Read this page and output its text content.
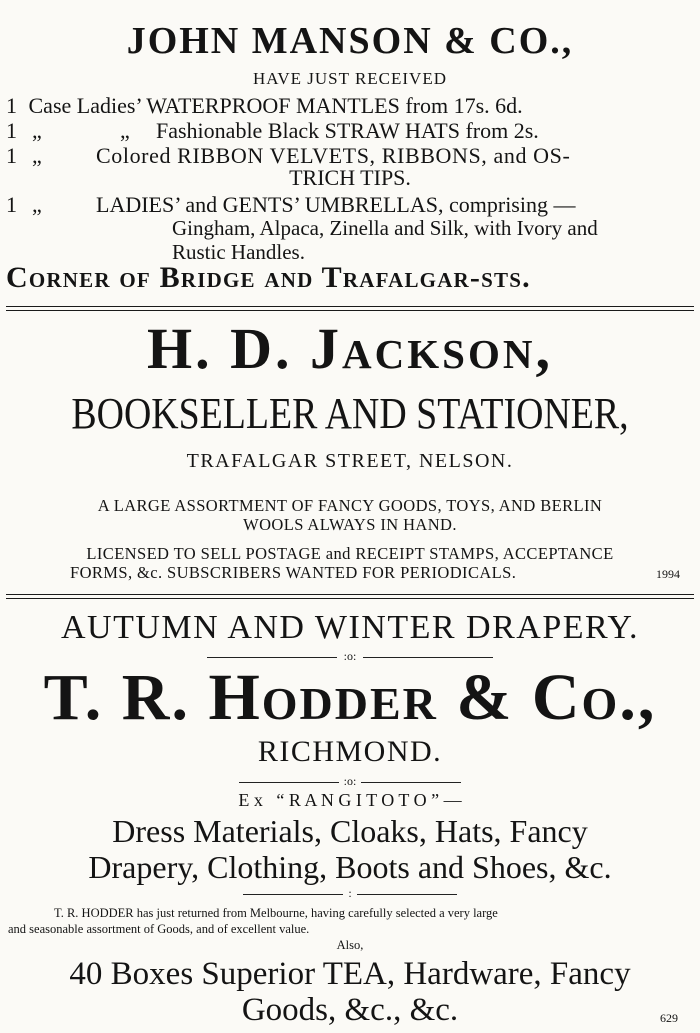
JOHN MANSON & CO.,
HAVE JUST RECEIVED
1 Case Ladies’ WATERPROOF MANTLES from 17s. 6d.
1 „	„ Fashionable Black STRAW HATS from 2s.
1 „ Colored RIBBON VELVETS, RIBBONS, and OS-
TRICH TIPS.
1 „ LADIES’ and GENTS’ UMBRELLAS, comprising —
Gingham, Alpaca, Zinella and Silk, with Ivory and
Rustic Handles.
Corner of Bridge and Trafalgar-sts.
H. D. Jackson,
BOOKSELLER AND STATIONER,
TRAFALGAR STREET, NELSON.
A LARGE ASSORTMENT OF FANCY GOODS, TOYS, AND BERLIN
WOOLS ALWAYS IN HAND.
LICENSED TO SELL POSTAGE and RECEIPT STAMPS, ACCEPTANCE
FORMS, &c. SUBSCRIBERS WANTED FOR PERIODICALS.	1994
AUTUMN AND WINTER DRAPERY.
:o:
T. R. Hodder & Co.,
RICHMOND.
:o:
E x   “ R A N G I T O T O ” —
Dress Materials, Cloaks, Hats, Fancy
Drapery, Clothing, Boots and Shoes, &c.
:
T. R. HODDER has just returned from Melbourne, having carefully selected a very large
and seasonable assortment of Goods, and of excellent value.
Also,
40 Boxes Superior TEA, Hardware, Fancy
Goods, &c., &c.	629
